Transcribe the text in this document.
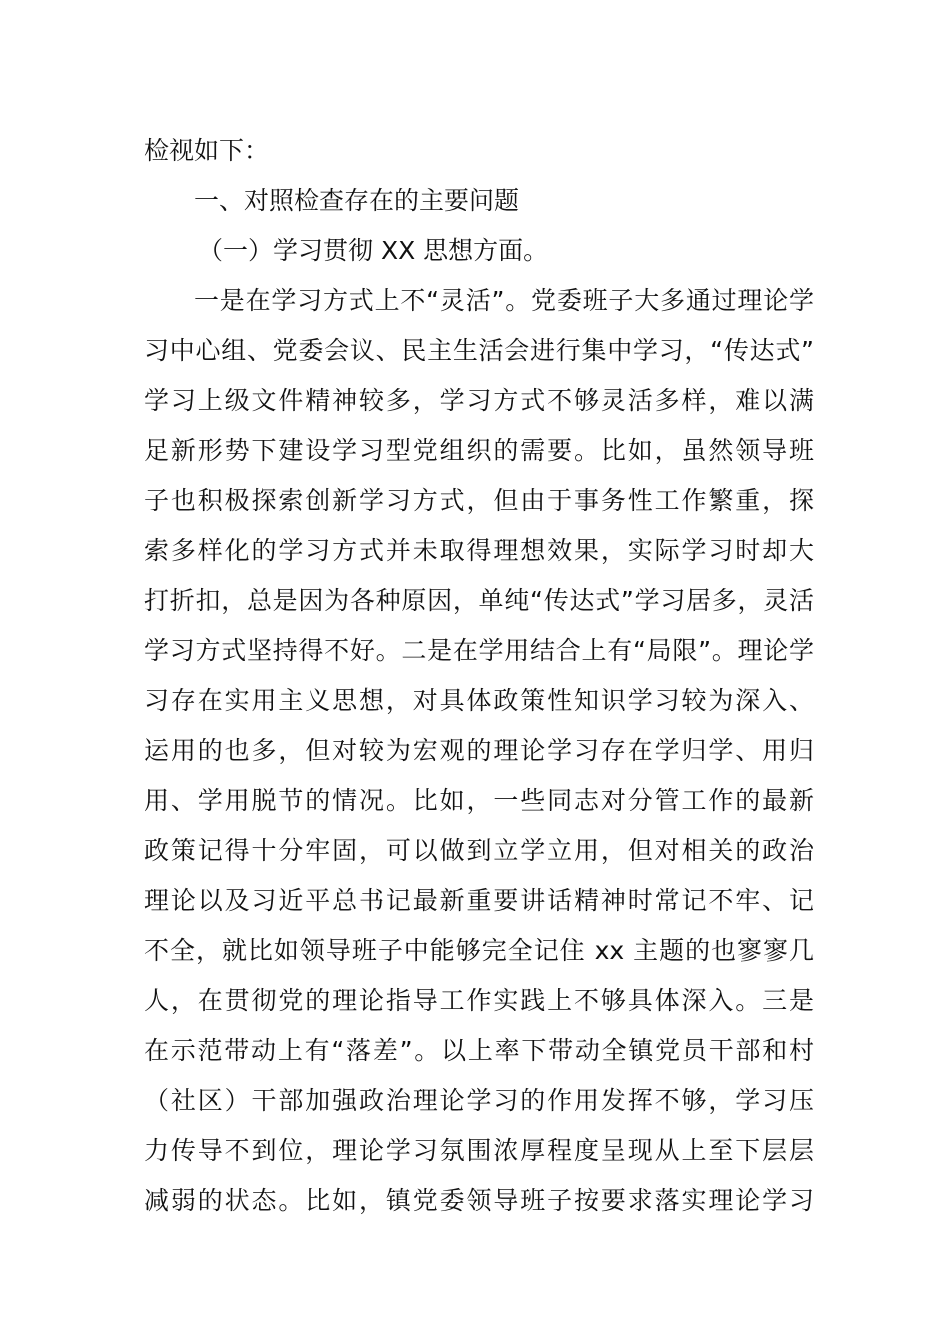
检视如下：
一、对照检查存在的主要问题
（一）学习贯彻 XX 思想方面。
一是在学习方式上不“灵活”。党委班子大多通过理论学
习中心组、党委会议、民主生活会进行集中学习，“传达式”
学习上级文件精神较多，学习方式不够灵活多样，难以满
足新形势下建设学习型党组织的需要。比如，虽然领导班
子也积极探索创新学习方式，但由于事务性工作繁重，探
索多样化的学习方式并未取得理想效果，实际学习时却大
打折扣，总是因为各种原因，单纯“传达式”学习居多，灵活
学习方式坚持得不好。二是在学用结合上有“局限”。理论学
习存在实用主义思想，对具体政策性知识学习较为深入、
运用的也多，但对较为宏观的理论学习存在学归学、用归
用、学用脱节的情况。比如，一些同志对分管工作的最新
政策记得十分牢固，可以做到立学立用，但对相关的政治
理论以及习近平总书记最新重要讲话精神时常记不牢、记
不全，就比如领导班子中能够完全记住 xx 主题的也寥寥几
人，在贯彻党的理论指导工作实践上不够具体深入。三是
在示范带动上有“落差”。以上率下带动全镇党员干部和村
（社区）干部加强政治理论学习的作用发挥不够，学习压
力传导不到位，理论学习氛围浓厚程度呈现从上至下层层
减弱的状态。比如，镇党委领导班子按要求落实理论学习
